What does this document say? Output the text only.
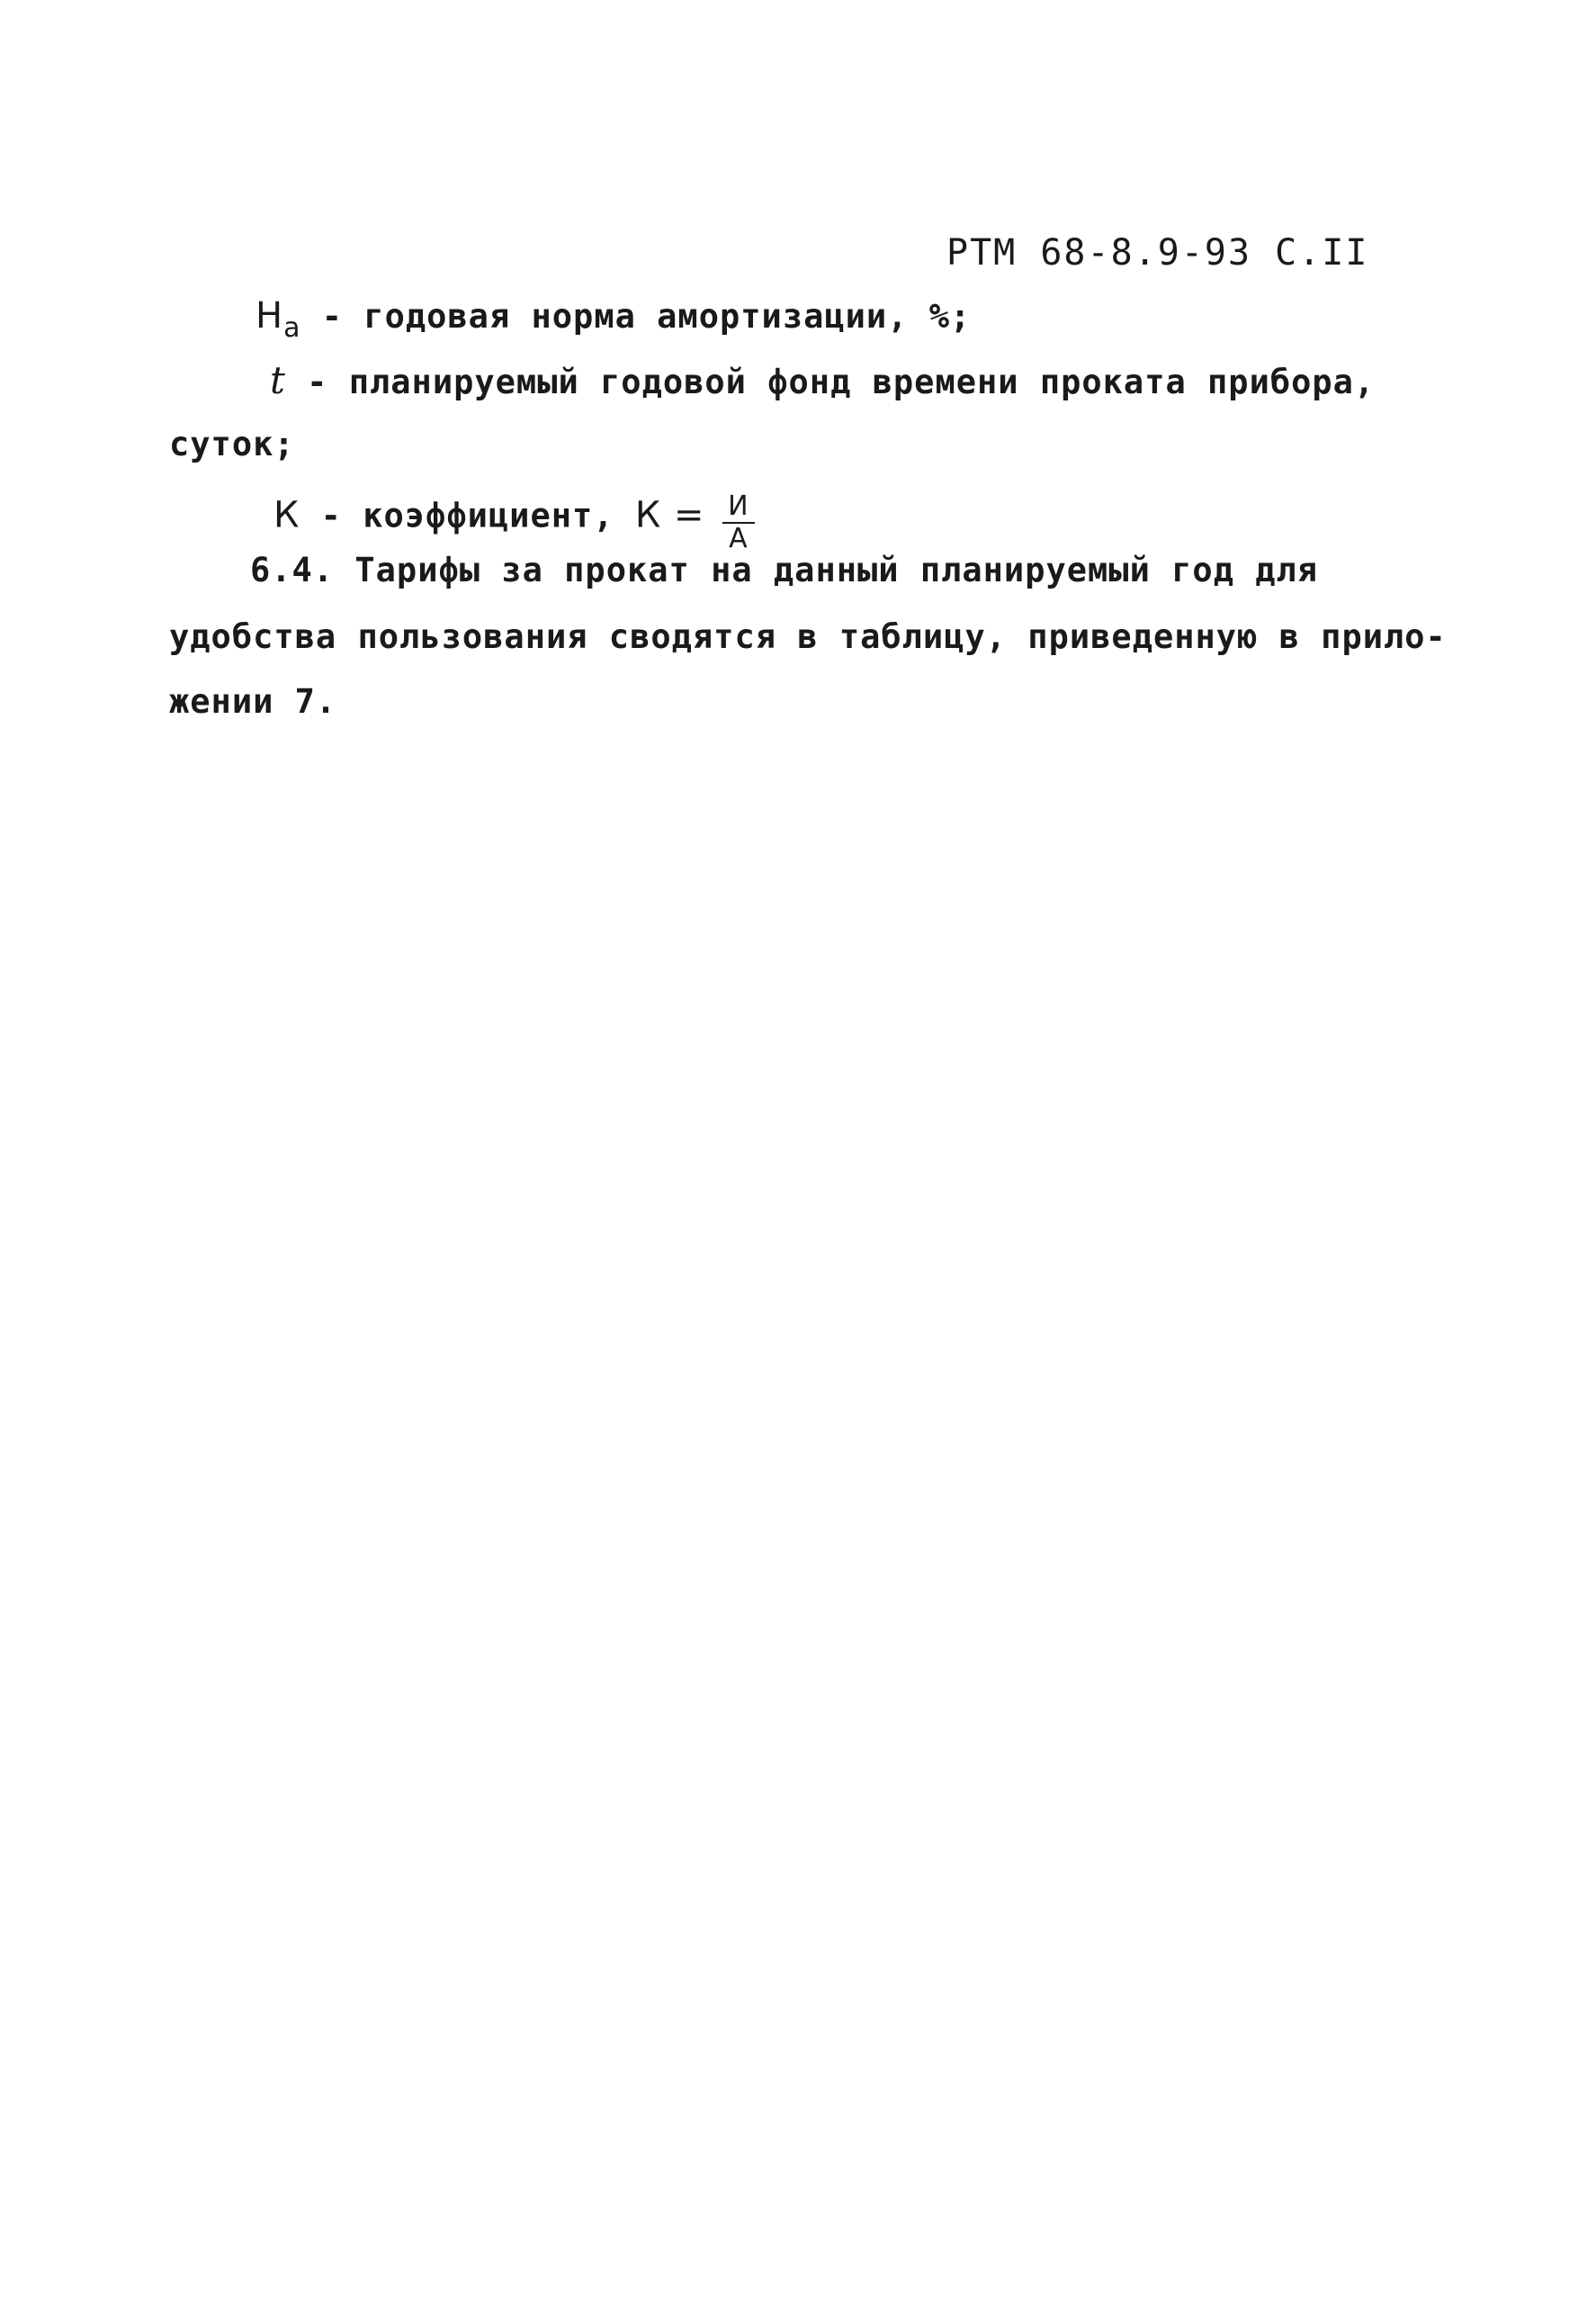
РТМ 68-8.9-93 С.II
$H_a$ - годовая норма амортизации, %;
t - планируемый годовой фонд времени проката прибора,
суток;
К - коэффициент, $К = \frac{И}{А}$
6.4. Тарифы за прокат на данный планируемый год для
удобства пользования сводятся в таблицу, приведенную в прило-
жении 7.
